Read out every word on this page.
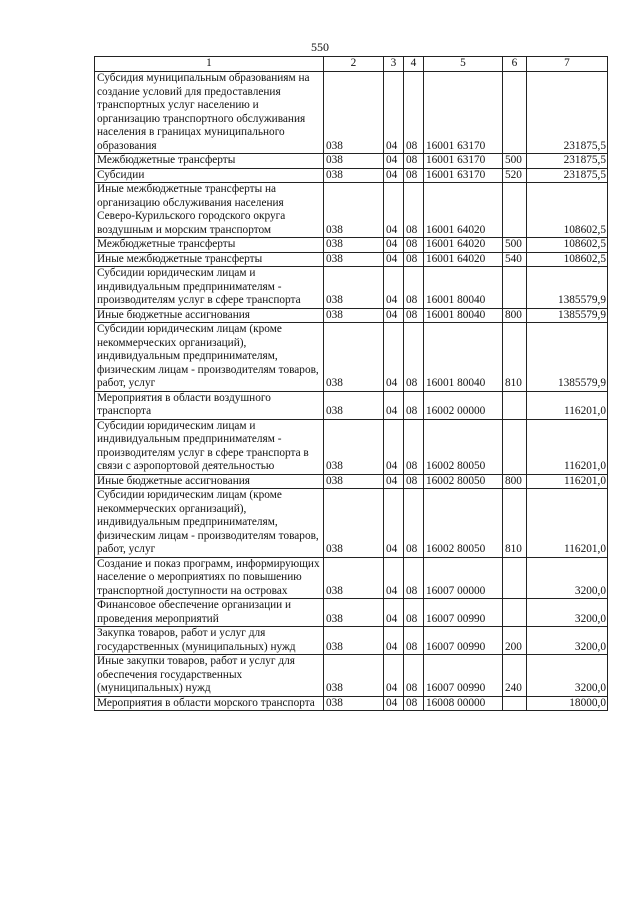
550
1	2	3	4	5	6	7
Субсидия муниципальным образованиям на создание условий для предоставления транспортных услуг населению и организацию транспортного обслуживания населения в границах муниципального образования	038	04	08	16001 63170		231875,5
Межбюджетные трансферты	038	04	08	16001 63170	500	231875,5
Субсидии	038	04	08	16001 63170	520	231875,5
Иные межбюджетные трансферты на организацию обслуживания населения Северо-Курильского городского округа воздушным и морским транспортом	038	04	08	16001 64020		108602,5
Межбюджетные трансферты	038	04	08	16001 64020	500	108602,5
Иные межбюджетные трансферты	038	04	08	16001 64020	540	108602,5
Субсидии юридическим лицам и индивидуальным предпринимателям - производителям услуг в сфере транспорта	038	04	08	16001 80040		1385579,9
Иные бюджетные ассигнования	038	04	08	16001 80040	800	1385579,9
Субсидии юридическим лицам (кроме некоммерческих организаций), индивидуальным предпринимателям, физическим лицам - производителям товаров, работ, услуг	038	04	08	16001 80040	810	1385579,9
Мероприятия в области воздушного транспорта	038	04	08	16002 00000		116201,0
Субсидии юридическим лицам и индивидуальным предпринимателям - производителям услуг в сфере транспорта в связи с аэропортовой деятельностью	038	04	08	16002 80050		116201,0
Иные бюджетные ассигнования	038	04	08	16002 80050	800	116201,0
Субсидии юридическим лицам (кроме некоммерческих организаций), индивидуальным предпринимателям, физическим лицам - производителям товаров, работ, услуг	038	04	08	16002 80050	810	116201,0
Создание и показ программ, информирующих население о мероприятиях по повышению транспортной доступности на островах	038	04	08	16007 00000		3200,0
Финансовое обеспечение организации и проведения мероприятий	038	04	08	16007 00990		3200,0
Закупка товаров, работ и услуг для государственных (муниципальных) нужд	038	04	08	16007 00990	200	3200,0
Иные закупки товаров, работ и услуг для обеспечения государственных (муниципальных) нужд	038	04	08	16007 00990	240	3200,0
Мероприятия в области морского транспорта	038	04	08	16008 00000		18000,0
